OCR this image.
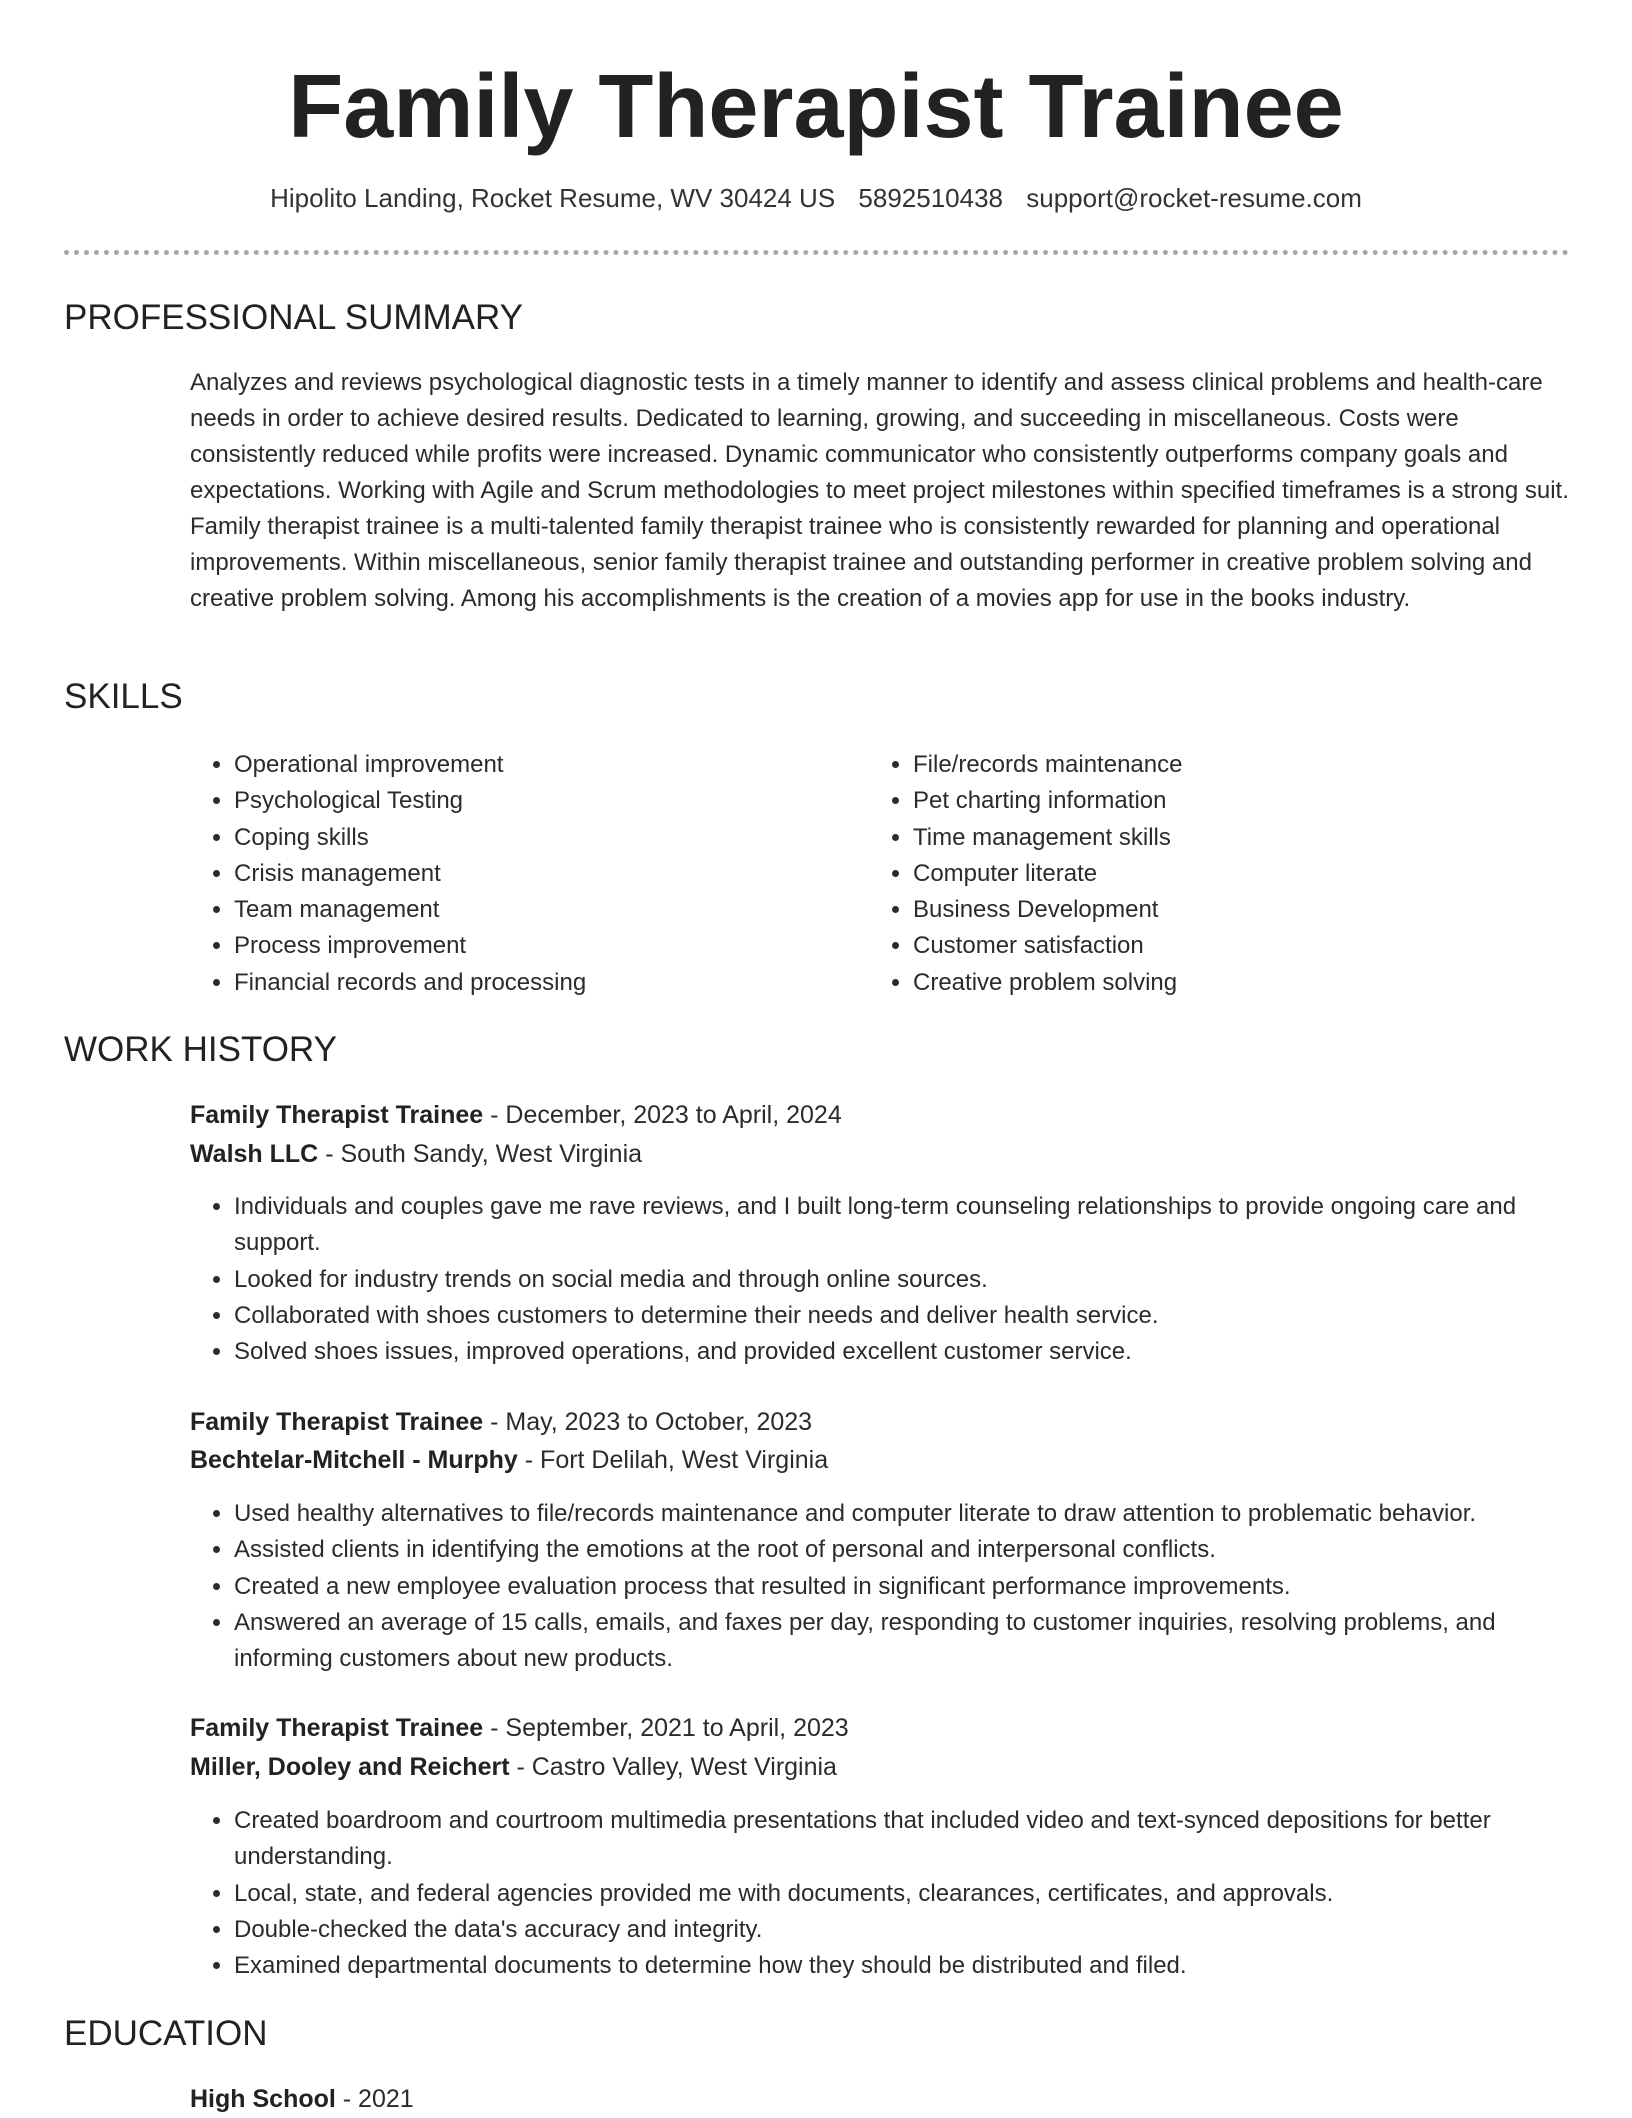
Family Therapist Trainee
Hipolito Landing, Rocket Resume, WV 30424 US 5892510438 support@rocket-resume.com
PROFESSIONAL SUMMARY

Analyzes and reviews psychological diagnostic tests in a timely manner to identify and assess clinical problems and health-care needs in order to achieve desired results. Dedicated to learning, growing, and succeeding in miscellaneous. Costs were consistently reduced while profits were increased. Dynamic communicator who consistently outperforms company goals and expectations. Working with Agile and Scrum methodologies to meet project milestones within specified timeframes is a strong suit. Family therapist trainee is a multi-talented family therapist trainee who is consistently rewarded for planning and operational improvements. Within miscellaneous, senior family therapist trainee and outstanding performer in creative problem solving and creative problem solving. Among his accomplishments is the creation of a movies app for use in the books industry.

SKILLS
• Operational improvement
• Psychological Testing
• Coping skills
• Crisis management
• Team management
• Process improvement
• Financial records and processing
• File/records maintenance
• Pet charting information
• Time management skills
• Computer literate
• Business Development
• Customer satisfaction
• Creative problem solving
WORK HISTORY
Family Therapist Trainee - December, 2023 to April, 2024
Walsh LLC - South Sandy, West Virginia
• Individuals and couples gave me rave reviews, and I built long-term counseling relationships to provide ongoing care and support.
• Looked for industry trends on social media and through online sources.
• Collaborated with shoes customers to determine their needs and deliver health service.
• Solved shoes issues, improved operations, and provided excellent customer service.
Family Therapist Trainee - May, 2023 to October, 2023
Bechtelar-Mitchell - Murphy - Fort Delilah, West Virginia
• Used healthy alternatives to file/records maintenance and computer literate to draw attention to problematic behavior.
• Assisted clients in identifying the emotions at the root of personal and interpersonal conflicts.
• Created a new employee evaluation process that resulted in significant performance improvements.
• Answered an average of 15 calls, emails, and faxes per day, responding to customer inquiries, resolving problems, and informing customers about new products.
Family Therapist Trainee - September, 2021 to April, 2023
Miller, Dooley and Reichert - Castro Valley, West Virginia
• Created boardroom and courtroom multimedia presentations that included video and text-synced depositions for better understanding.
• Local, state, and federal agencies provided me with documents, clearances, certificates, and approvals.
• Double-checked the data's accuracy and integrity.
• Examined departmental documents to determine how they should be distributed and filed.
EDUCATION
High School - 2021
